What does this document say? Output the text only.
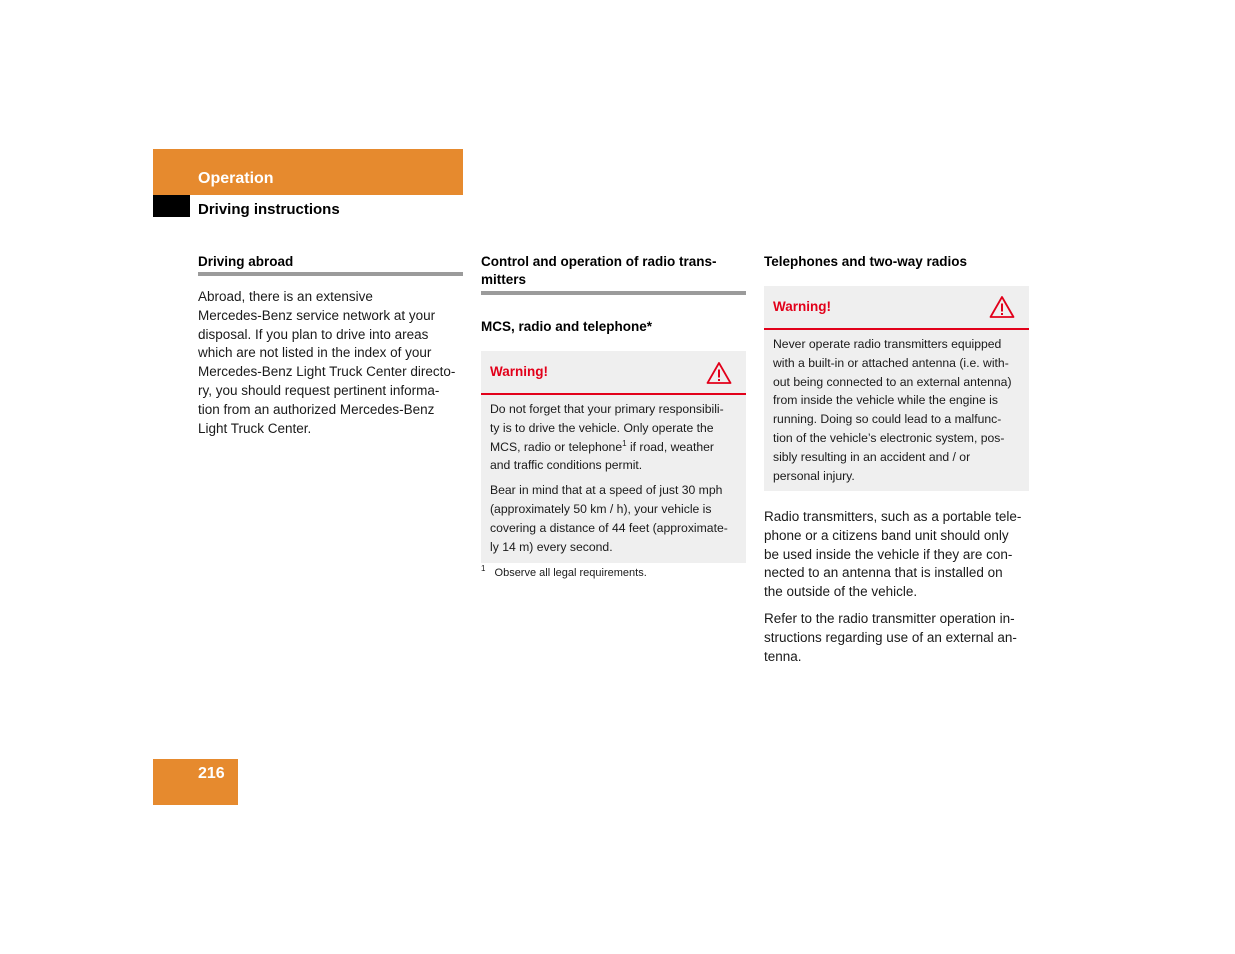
Operation
Driving instructions
Driving abroad

Abroad, there is an extensive

Mercedes-Benz service network at your

disposal. If you plan to drive into areas

which are not listed in the index of your

Mercedes-Benz Light Truck Center directo-

ry, you should request pertinent informa-

tion from an authorized Mercedes-Benz

Light Truck Center.

Control and operation of radio trans-
mitters
MCS, radio and telephone*
Warning!

Do not forget that your primary responsibili-

ty is to drive the vehicle. Only operate the

MCS, radio or telephone$^1$ if road, weather

and traffic conditions permit.

Bear in mind that at a speed of just 30 mph

(approximately 50 km / h), your vehicle is

covering a distance of 44 feet (approximate-

ly 14 m) every second.

$^1$ Observe all legal requirements.
Telephones and two-way radios
Warning!

Never operate radio transmitters equipped

with a built-in or attached antenna (i.e. with-

out being connected to an external antenna)

from inside the vehicle while the engine is

running. Doing so could lead to a malfunc-

tion of the vehicle’s electronic system, pos-

sibly resulting in an accident and / or

personal injury.

Radio transmitters, such as a portable tele-

phone or a citizens band unit should only

be used inside the vehicle if they are con-

nected to an antenna that is installed on

the outside of the vehicle.

Refer to the radio transmitter operation in-

structions regarding use of an external an-

tenna.

216
